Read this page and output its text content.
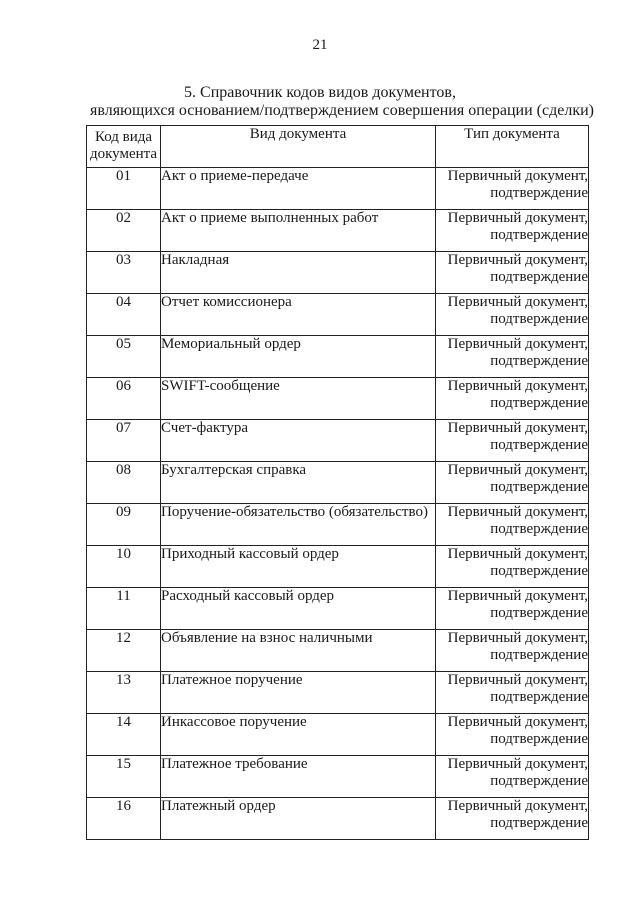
21
5. Справочник кодов видов документов,
являющихся основанием/подтверждением совершения операции (сделки)
Код вида
документа	Вид документа	Тип документа
01	Акт о приеме-передаче	Первичный документ,
подтверждение

02	Акт о приеме выполненных работ	Первичный документ,
подтверждение

03	Накладная	Первичный документ,
подтверждение

04	Отчет комиссионера	Первичный документ,
подтверждение

05	Мемориальный ордер	Первичный документ,
подтверждение

06	SWIFT-сообщение	Первичный документ,
подтверждение

07	Счет-фактура	Первичный документ,
подтверждение

08	Бухгалтерская справка	Первичный документ,
подтверждение

09	Поручение-обязательство (обязательство)	Первичный документ,
подтверждение

10	Приходный кассовый ордер	Первичный документ,
подтверждение

11	Расходный кассовый ордер	Первичный документ,
подтверждение

12	Объявление на взнос наличными	Первичный документ,
подтверждение

13	Платежное поручение	Первичный документ,
подтверждение

14	Инкассовое поручение	Первичный документ,
подтверждение

15	Платежное требование	Первичный документ,
подтверждение

16	Платежный ордер	Первичный документ,
подтверждение
